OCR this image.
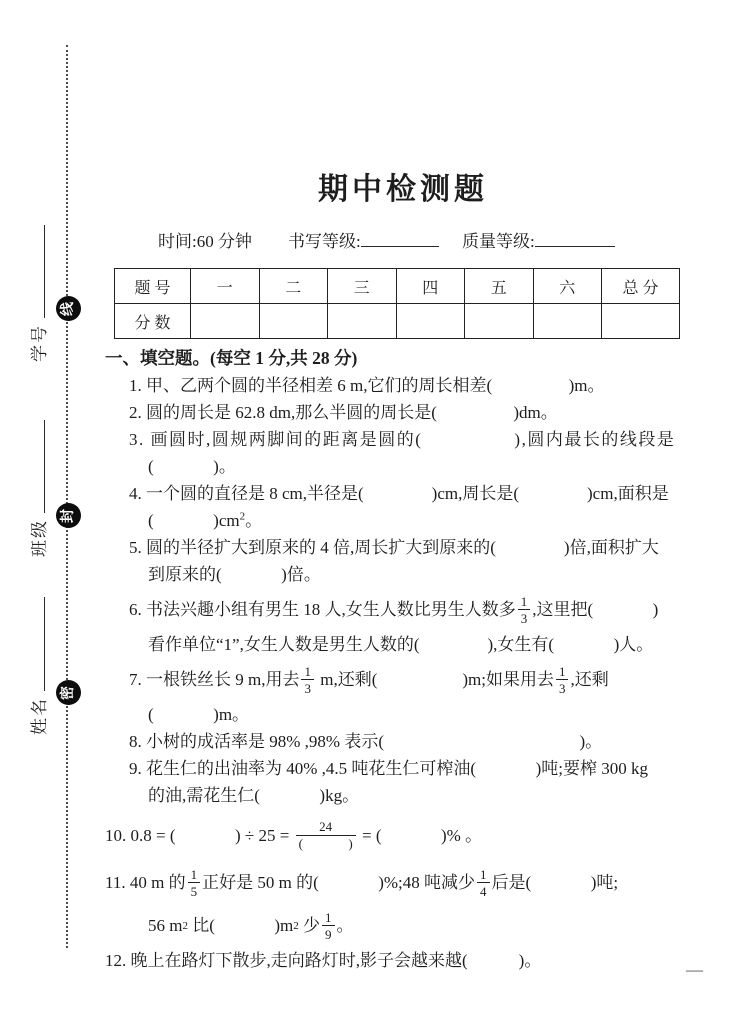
学号
班级
姓名
线
封
密
期中检测题
时间:60 分钟 书写等级:	质量等级:
题 号	一	二	三	四	五	六	总 分
分 数							
一、填空题。(每空 1 分,共 28 分)
1. 甲、乙两个圆的半径相差 6 m,它们的周长相差(                  )m。
2. 圆的周长是 62.8 dm,那么半圆的周长是(                  )dm。
3. 画圆时,圆规两脚间的距离是圆的(                ),圆内最长的线段是
(              )。
4. 一个圆的直径是 8 cm,半径是(                )cm,周长是(                )cm,面积是
(              )$cm^2$。
5. 圆的半径扩大到原来的 4 倍,周长扩大到原来的(                )倍,面积扩大
到原来的(              )倍。
6. 书法兴趣小组有男生 18 人,女生人数比男生人数多 1
3 ,这里把(              )
看作单位“1”,女生人数是男生人数的(                ),女生有(              )人。
7. 一根铁丝长 9 m,用去 1
3 m,还剩(                    )m;如果用去 1
3 ,还剩
(              )m。
8. 小树的成活率是 98% ,98% 表示(                                              )。
9. 花生仁的出油率为 40% ,4.5 吨花生仁可榨油(              )吨;要榨 300 kg
的油,需花生仁(              )kg。
10. 0.8 = (              ) ÷ 25 = 24
(              ) = (              )% 。
11. 40 m 的 1
5 正好是 50 m 的(              )%;48 吨减少 1
4 后是(              )吨;
56 m 2 比(              )m 2 少 1
9 。
12. 晚上在路灯下散步,走向路灯时,影子会越来越(            )。	—
